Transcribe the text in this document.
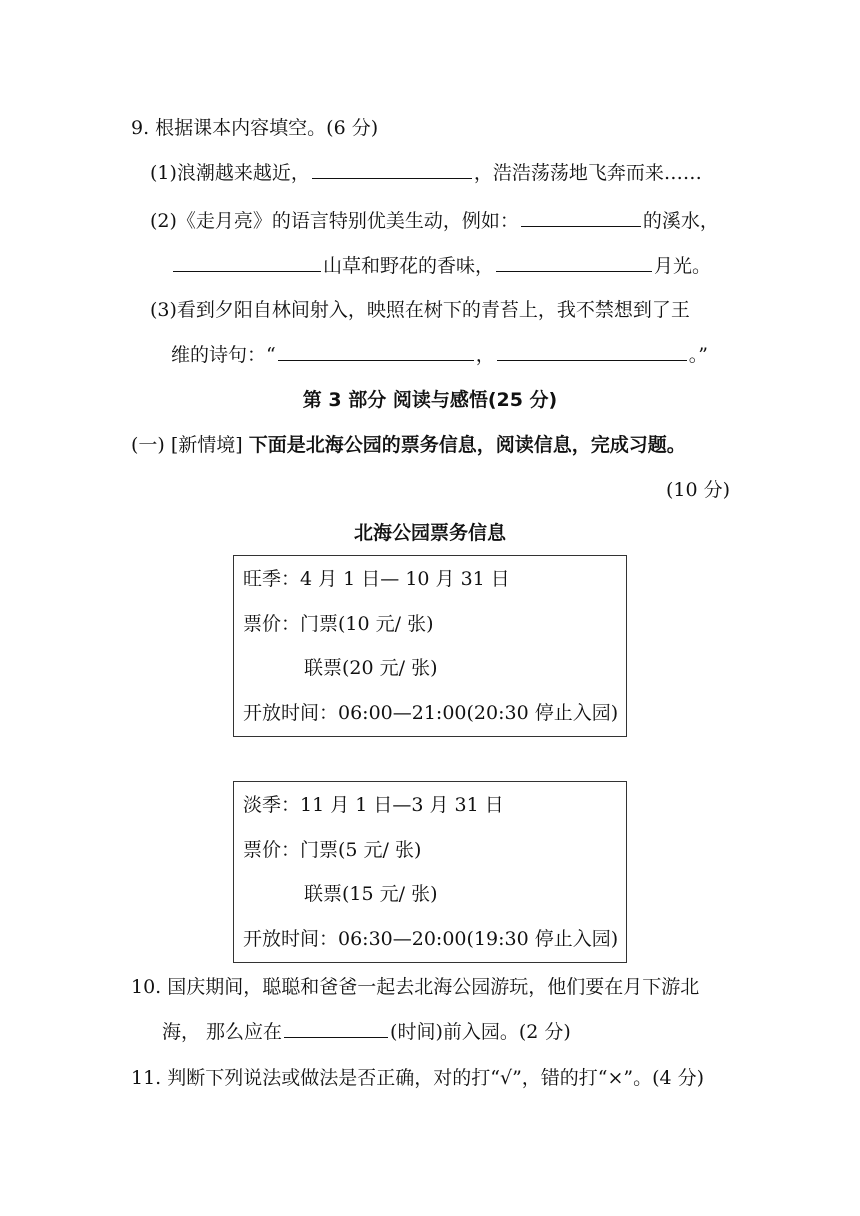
9. 根据课本内容填空。(6 分)
(1)浪潮越来越近，	，浩浩荡荡地飞奔而来……
(2)《走月亮》的语言特别优美生动，例如：	的溪水，
山草和野花的香味，	月光。
(3)看到夕阳自林间射入，映照在树下的青苔上，我不禁想到了王
维的诗句：“	，	。”
第 3 部分 阅读与感悟(25 分)
(一) [新情境] 下面是北海公园的票务信息，阅读信息，完成习题。
(10 分)
北海公园票务信息
旺季：4 月 1 日— 10 月 31 日
票价：门票(10 元/ 张)
联票(20 元/ 张)
开放时间：06:00—21:00(20:30 停止入园)
淡季：11 月 1 日—3 月 31 日
票价：门票(5 元/ 张)
联票(15 元/ 张)
开放时间：06:30—20:00(19:30 停止入园)
10. 国庆期间，聪聪和爸爸一起去北海公园游玩，他们要在月下游北
海， 那么应在	(时间)前入园。(2 分)
11. 判断下列说法或做法是否正确，对的打“√”，错的打“×”。(4 分)
